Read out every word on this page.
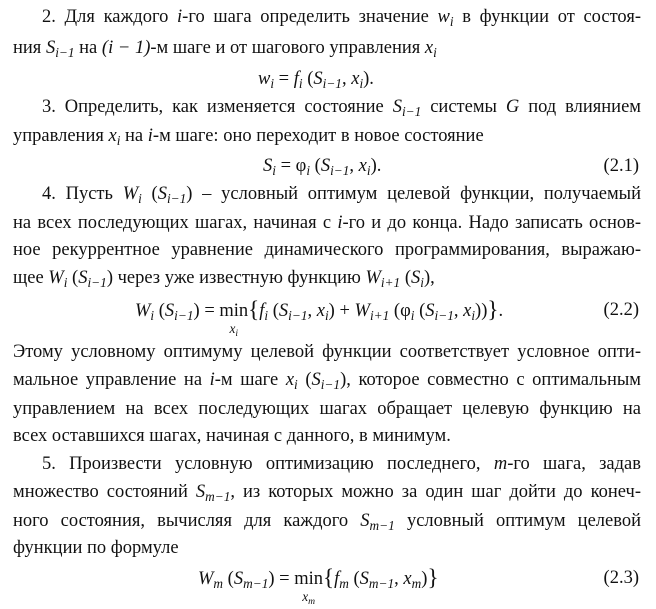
2. Для каждого i-го шага определить значение $w_i$ в функции от состоя-
ния $S_{i-1}$ на (i − 1)-м шаге и от шагового управления $x_i$
$w_i = f_i$ ($S_{i-1}$, $x_i$).
3. Определить, как изменяется состояние $S_{i-1}$ системы G под влиянием
управления $x_i$ на i-м шаге: оно переходит в новое состояние
$S_i = \varphi_i$ ($S_{i-1}$, $x_i$).	(2.1)
4. Пусть $W_i$ $(S_{i-1})$ – условный оптимум целевой функции, получаемый
на всех последующих шагах, начиная с i-го и до конца. Надо записать основ-
ное рекуррентное уравнение динамического программирования, выражаю-
щее $W_i$ $(S_{i-1})$ через уже известную функцию $W_{i+1}$ $(S_i)$,
$W_i$ $(S_{i-1}) = \min$
$x_i$
{$f_i$ ($S_{i-1}$, $x_i) + W_{i+1}$ ($\varphi_i$ ($S_{i-1}$, $x_i$))}.	(2.2)
Этому условному оптимуму целевой функции соответствует условное опти-
мальное управление на i-м шаге $x_i$ $(S_{i-1})$, которое совместно с оптимальным
управлением на всех последующих шагах обращает целевую функцию на
всех оставшихся шагах, начиная с данного, в минимум.
5. Произвести условную оптимизацию последнего, m-го шага, задав
множество состояний $S_{m-1}$, из которых можно за один шаг дойти до конеч-
ного состояния, вычисляя для каждого $S_{m-1}$ условный оптимум целевой
функции по формуле
$W_m$ $(S_{m-1}) = \min$
$x_m$
{$f_m$ ($S_{m-1}$, $x_m$)}	(2.3)
